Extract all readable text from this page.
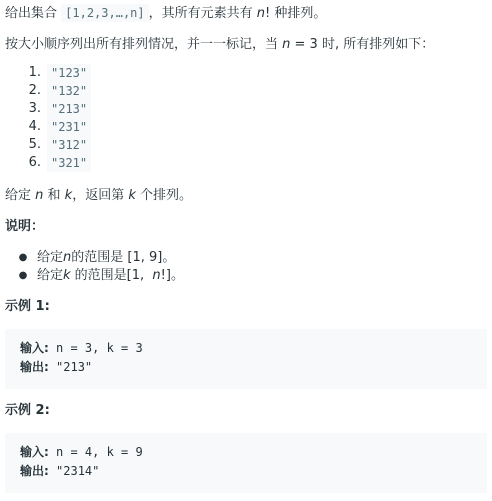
给出集合 [1,2,3,…,n] ，其所有元素共有 n! 种排列。

按大小顺序列出所有排列情况，并一一标记，当 n = 3 时, 所有排列如下：

1. "123"
2. "132"
3. "213"
4. "231"
5. "312"
6. "321"

给定 n 和 k，返回第 k 个排列。

说明：

● 给定 n 的范围是 [1, 9]。
● 给定 k 的范围是[1, n !]。

示例 1:

输入: n = 3, k = 3
输出: "213"

示例 2:

输入: n = 4, k = 9
输出: "2314"
